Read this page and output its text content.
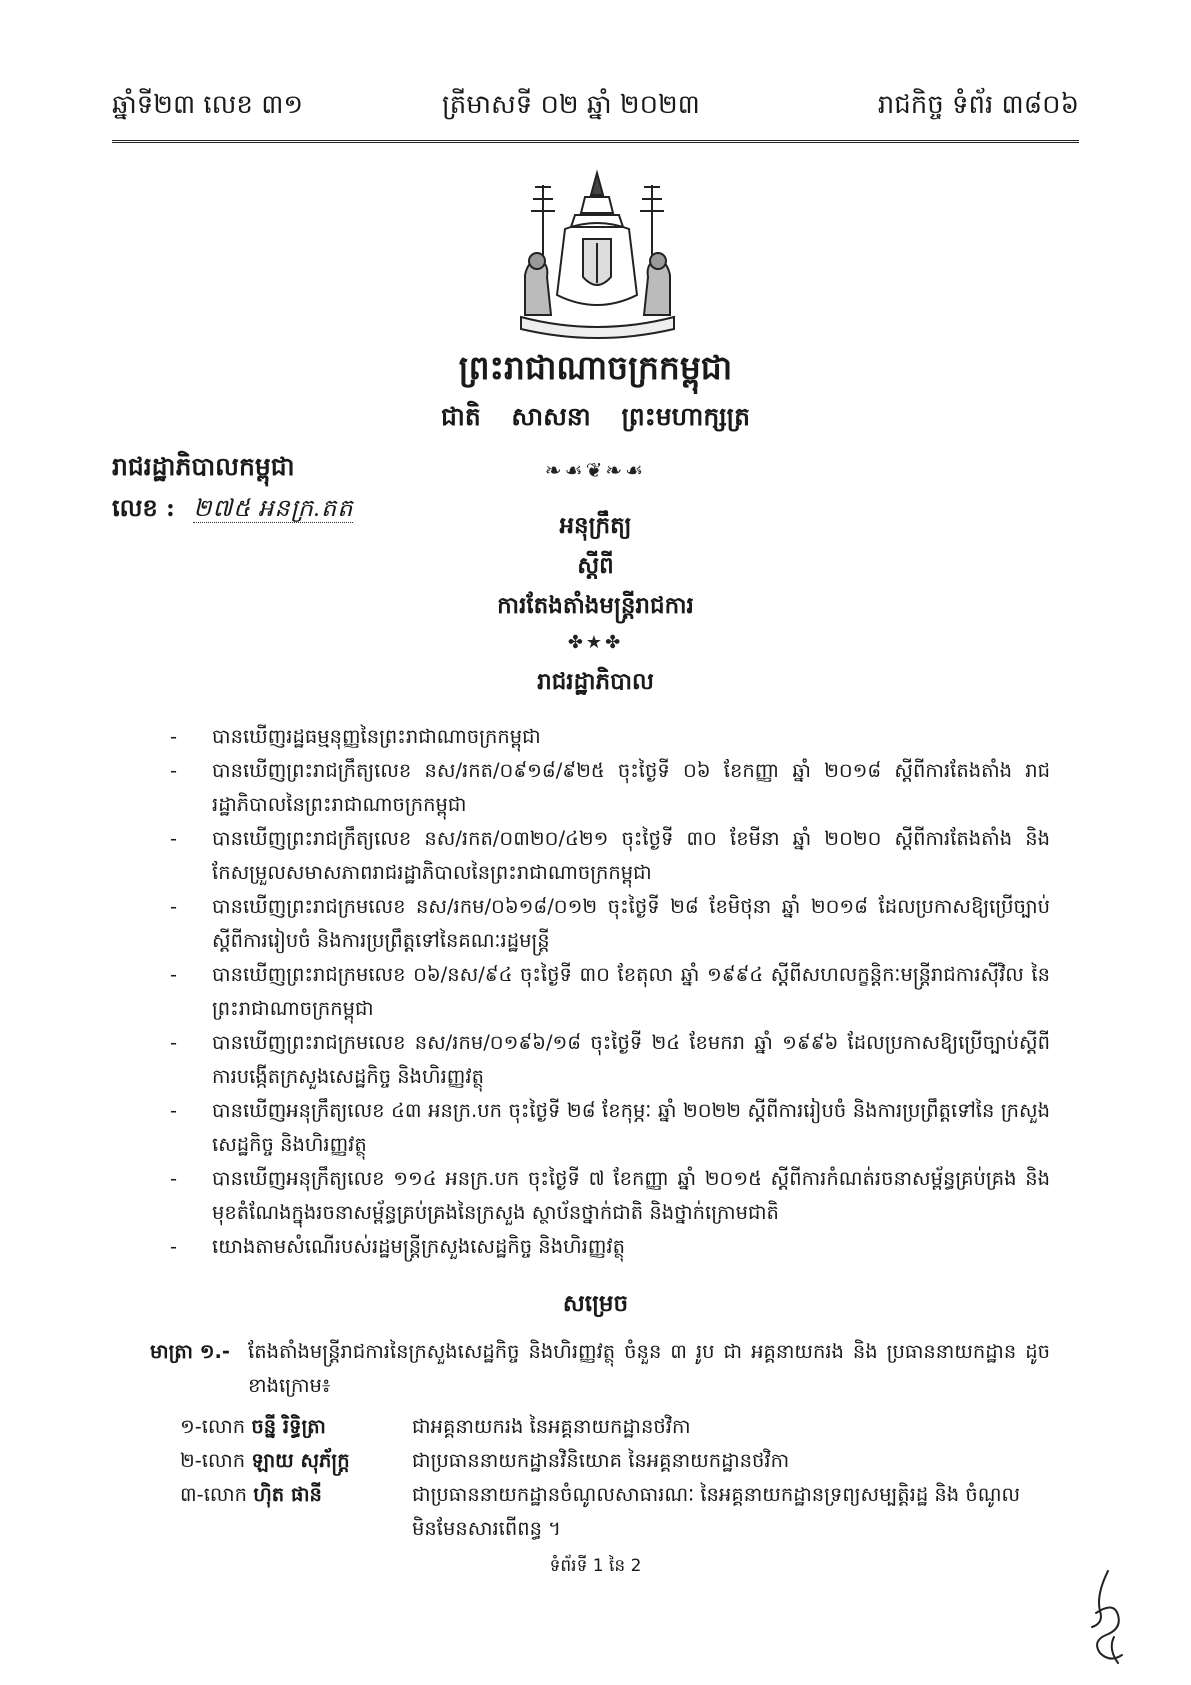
ឆ្នាំទី២៣ លេខ ៣១	ត្រីមាសទី ០២ ឆ្នាំ ២០២៣	រាជកិច្ច ទំព័រ ៣៨០៦
ព្រះរាជាណាចក្រកម្ពុជា
ជាតិ សាសនា ព្រះមហាក្សត្រ
រាជរដ្ឋាភិបាលកម្ពុជា	❧☙❦❧☙
លេខ : ២៧៥ អនក្រ.តត
អនុក្រឹត្យ
ស្ដីពី
ការតែងតាំងមន្ត្រីរាជការ
✤★✤
រាជរដ្ឋាភិបាល
- បានឃើញរដ្ឋធម្មនុញ្ញនៃព្រះរាជាណាចក្រកម្ពុជា
- បានឃើញព្រះរាជក្រឹត្យលេខ នស/រកត/០៩១៨/៩២៥ ចុះថ្ងៃទី ០៦ ខែកញ្ញា ឆ្នាំ ២០១៨ ស្តីពីការតែងតាំង រាជរដ្ឋាភិបាលនៃព្រះរាជាណាចក្រកម្ពុជា
- បានឃើញព្រះរាជក្រឹត្យលេខ នស/រកត/០៣២០/៤២១ ចុះថ្ងៃទី ៣០ ខែមីនា ឆ្នាំ ២០២០ ស្តីពីការតែងតាំង និង កែសម្រួលសមាសភាពរាជរដ្ឋាភិបាលនៃព្រះរាជាណាចក្រកម្ពុជា
- បានឃើញព្រះរាជក្រមលេខ នស/រកម/០៦១៨/០១២ ចុះថ្ងៃទី ២៨ ខែមិថុនា ឆ្នាំ ២០១៨ ដែលប្រកាសឱ្យប្រើច្បាប់ ស្តីពីការរៀបចំ និងការប្រព្រឹត្តទៅនៃគណៈរដ្ឋមន្ត្រី
- បានឃើញព្រះរាជក្រមលេខ ០៦/នស/៩៤ ចុះថ្ងៃទី ៣០ ខែតុលា ឆ្នាំ ១៩៩៤ ស្តីពីសហលក្ខន្តិកៈមន្ត្រីរាជការស៊ីវិល នៃព្រះរាជាណាចក្រកម្ពុជា
- បានឃើញព្រះរាជក្រមលេខ នស/រកម/០១៩៦/១៨ ចុះថ្ងៃទី ២៤ ខែមករា ឆ្នាំ ១៩៩៦ ដែលប្រកាសឱ្យប្រើច្បាប់ស្តីពី ការបង្កើតក្រសួងសេដ្ឋកិច្ច និងហិរញ្ញវត្ថុ
- បានឃើញអនុក្រឹត្យលេខ ៤៣ អនក្រ.បក ចុះថ្ងៃទី ២៨ ខែកុម្ភៈ ឆ្នាំ ២០២២ ស្តីពីការរៀបចំ និងការប្រព្រឹត្តទៅនៃ ក្រសួងសេដ្ឋកិច្ច និងហិរញ្ញវត្ថុ
- បានឃើញអនុក្រឹត្យលេខ ១១៤ អនក្រ.បក ចុះថ្ងៃទី ៧ ខែកញ្ញា ឆ្នាំ ២០១៥ ស្តីពីការកំណត់រចនាសម្ព័ន្ធគ្រប់គ្រង និងមុខតំណែងក្នុងរចនាសម្ព័ន្ធគ្រប់គ្រងនៃក្រសួង ស្ថាប័នថ្នាក់ជាតិ និងថ្នាក់ក្រោមជាតិ
- យោងតាមសំណើរបស់រដ្ឋមន្ត្រីក្រសួងសេដ្ឋកិច្ច និងហិរញ្ញវត្ថុ
សម្រេច
មាត្រា ១.- តែងតាំងមន្ត្រីរាជការនៃក្រសួងសេដ្ឋកិច្ច និងហិរញ្ញវត្ថុ ចំនួន ៣ រូប ជា អគ្គនាយករង និង ប្រធាននាយកដ្ឋាន ដូចខាងក្រោម៖
១-លោក ចន្នី រិទ្ធិត្រា	ជាអគ្គនាយករង នៃអគ្គនាយកដ្ឋានថវិកា
២-លោក ឡាយ សុភ័ក្ត្រ	ជាប្រធាននាយកដ្ឋានវិនិយោគ នៃអគ្គនាយកដ្ឋានថវិកា
៣-លោក ហ៊ិត ផានី	ជាប្រធាននាយកដ្ឋានចំណូលសាធារណៈ នៃអគ្គនាយកដ្ឋានទ្រព្យសម្បត្តិរដ្ឋ និង ចំណូលមិនមែនសារពើពន្ធ ។
ទំព័រទី 1 នៃ 2
